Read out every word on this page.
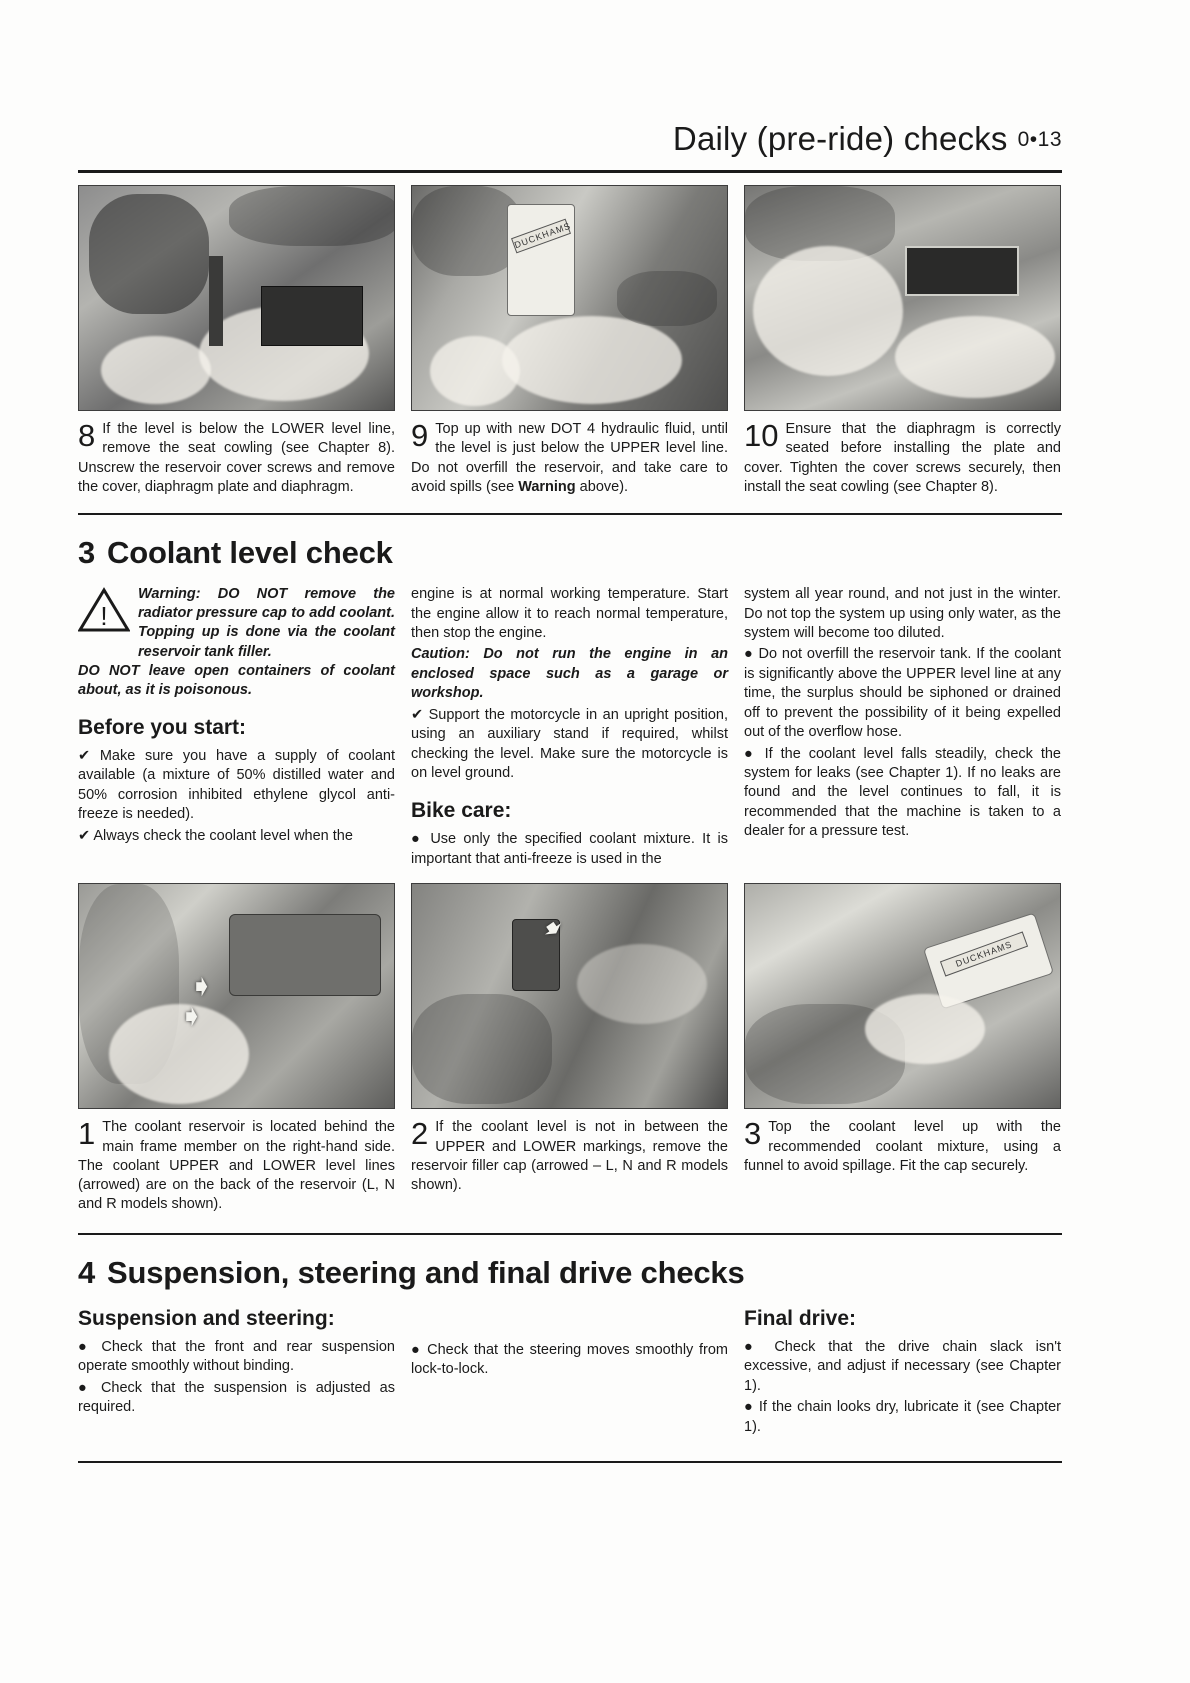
Daily (pre-ride) checks 0•13
8 If the level is below the LOWER level line, remove the seat cowling (see Chapter 8). Unscrew the reservoir cover screws and remove the cover, diaphragm plate and diaphragm.
DUCKHAMS
9 Top up with new DOT 4 hydraulic fluid, until the level is just below the UPPER level line. Do not overfill the reservoir, and take care to avoid spills (see Warning above).
10 Ensure that the diaphragm is correctly seated before installing the plate and cover. Tighten the cover screws securely, then install the seat cowling (see Chapter 8).
3 Coolant level check
!
Warning: DO NOT remove the radiator pressure cap to add coolant. Topping up is done via the coolant reservoir tank filler.
DO NOT leave open containers of coolant about, as it is poisonous.
Before you start:

✔ Make sure you have a supply of coolant available (a mixture of 50% distilled water and 50% corrosion inhibited ethylene glycol anti-freeze is needed).

✔ Always check the coolant level when the

engine is at normal working temperature. Start the engine allow it to reach normal temperature, then stop the engine.

Caution: Do not run the engine in an enclosed space such as a garage or workshop.

✔ Support the motorcycle in an upright position, using an auxiliary stand if required, whilst checking the level. Make sure the motorcycle is on level ground.

Bike care:

● Use only the specified coolant mixture. It is important that anti-freeze is used in the

system all year round, and not just in the winter. Do not top the system up using only water, as the system will become too diluted.

● Do not overfill the reservoir tank. If the coolant is significantly above the UPPER level line at any time, the surplus should be siphoned or drained off to prevent the possibility of it being expelled out of the overflow hose.

● If the coolant level falls steadily, check the system for leaks (see Chapter 1). If no leaks are found and the level continues to fall, it is recommended that the machine is taken to a dealer for a pressure test.

➧
➧
1 The coolant reservoir is located behind the main frame member on the right-hand side. The coolant UPPER and LOWER level lines (arrowed) are on the back of the reservoir (L, N and R models shown).
➧
2 If the coolant level is not in between the UPPER and LOWER markings, remove the reservoir filler cap (arrowed – L, N and R models shown).
DUCKHAMS
3 Top the coolant level up with the recommended coolant mixture, using a funnel to avoid spillage. Fit the cap securely.
4 Suspension, steering and final drive checks
Suspension and steering:

● Check that the front and rear suspension operate smoothly without binding.

● Check that the suspension is adjusted as required.

● Check that the steering moves smoothly from lock-to-lock.

Final drive:

● Check that the drive chain slack isn't excessive, and adjust if necessary (see Chapter 1).

● If the chain looks dry, lubricate it (see Chapter 1).
